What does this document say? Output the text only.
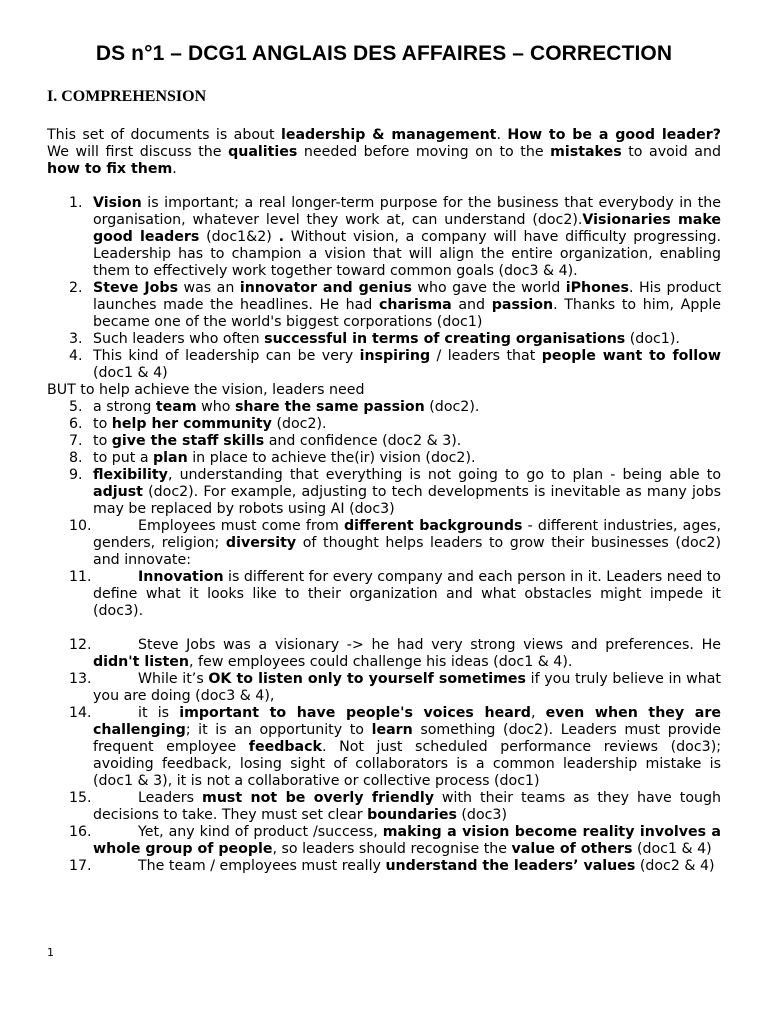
DS n°1 – DCG1 ANGLAIS DES AFFAIRES – CORRECTION
I. COMPREHENSION

This set of documents is about leadership & management. How to be a good leader? We will first discuss the qualities needed before moving on to the mistakes to avoid and how to fix them.

1. Vision is important; a real longer-term purpose for the business that everybody in the organisation, whatever level they work at, can understand (doc2).Visionaries make good leaders (doc1&2) . Without vision, a company will have difficulty progressing. Leadership has to champion a vision that will align the entire organization, enabling them to effectively work together toward common goals (doc3 & 4).
2. Steve Jobs was an innovator and genius who gave the world iPhones. His product launches made the headlines. He had charisma and passion. Thanks to him, Apple became one of the world's biggest corporations (doc1)
3. Such leaders who often successful in terms of creating organisations (doc1).
4. This kind of leadership can be very inspiring / leaders that people want to follow (doc1 & 4)
BUT to help achieve the vision, leaders need
5. a strong team who share the same passion (doc2).
6. to help her community (doc2).
7. to give the staff skills and confidence (doc2 & 3).
8. to put a plan in place to achieve the(ir) vision (doc2).
9. flexibility, understanding that everything is not going to go to plan - being able to adjust (doc2). For example, adjusting to tech developments is inevitable as many jobs may be replaced by robots using AI (doc3)
10.	Employees must come from different backgrounds - different industries, ages, genders, religion; diversity of thought helps leaders to grow their businesses (doc2) and innovate:
11.	Innovation is different for every company and each person in it. Leaders need to define what it looks like to their organization and what obstacles might impede it (doc3).
12.	Steve Jobs was a visionary -> he had very strong views and preferences. He didn't listen, few employees could challenge his ideas (doc1 & 4).
13.	While it’s OK to listen only to yourself sometimes if you truly believe in what you are doing (doc3 & 4),
14.	it is important to have people's voices heard, even when they are challenging; it is an opportunity to learn something (doc2). Leaders must provide frequent employee feedback. Not just scheduled performance reviews (doc3); avoiding feedback, losing sight of collaborators is a common leadership mistake is (doc1 & 3), it is not a collaborative or collective process (doc1)
15.	Leaders must not be overly friendly with their teams as they have tough decisions to take. They must set clear boundaries (doc3)
16.	Yet, any kind of product /success, making a vision become reality involves a whole group of people, so leaders should recognise the value of others (doc1 & 4)
17.	The team / employees must really understand the leaders’ values (doc2 & 4)
1
